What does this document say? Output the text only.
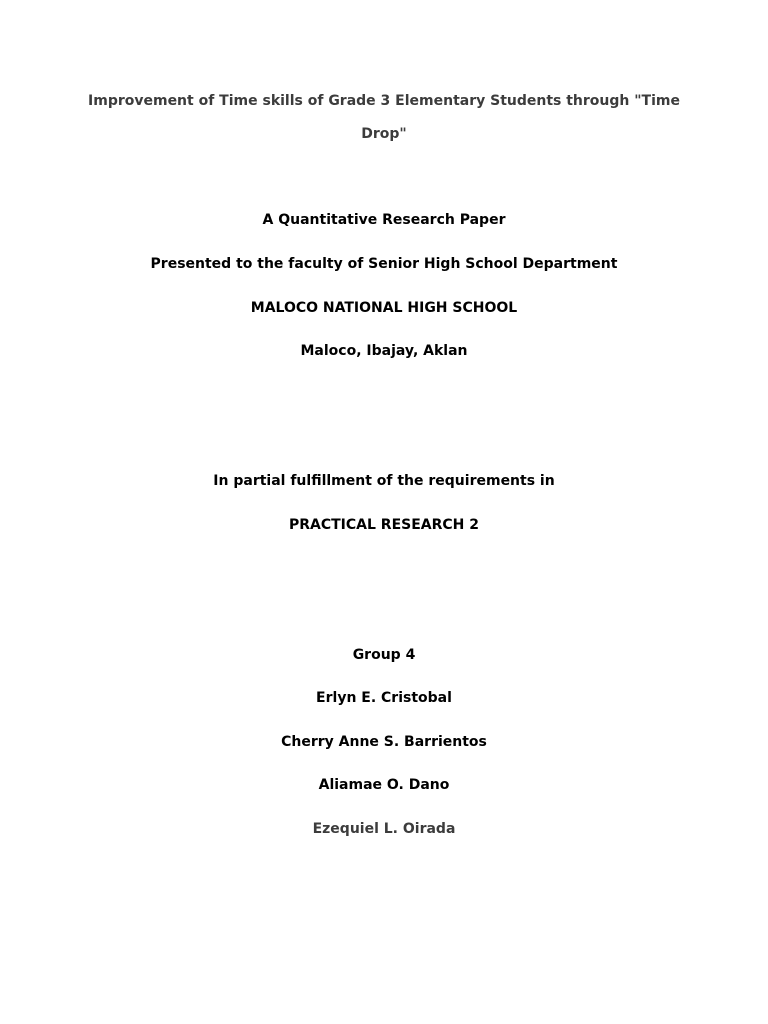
Improvement of Time skills of Grade 3 Elementary Students through "Time
Drop"
A Quantitative Research Paper
Presented to the faculty of Senior High School Department
MALOCO NATIONAL HIGH SCHOOL
Maloco, Ibajay, Aklan
In partial fulfillment of the requirements in
PRACTICAL RESEARCH 2
Group 4
Erlyn E. Cristobal
Cherry Anne S. Barrientos
Aliamae O. Dano
Ezequiel L. Oirada
